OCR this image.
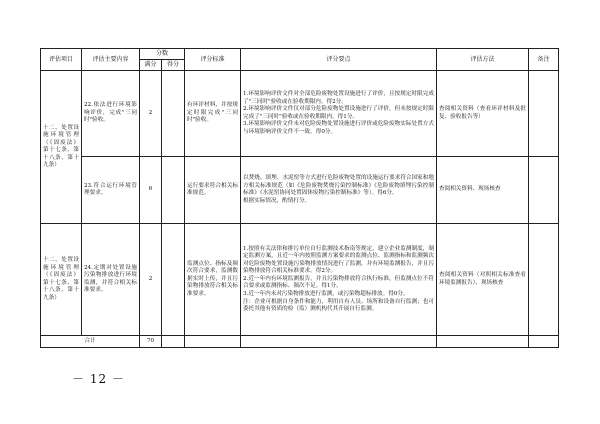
评估项目	评估主要内容	分数		评分标准	评分要点	评估方法	备注
		满分	得分				
十二、处置设施环境管理（《固废法》第十七条、第十八条、第十九条）	22.依法进行环境影响评价，完成"三同时"验收。	2		有环评材料，并按规定时限完成"三同时"验收。	1.环境影响评价文件对全部危险废物处置设施进行了评价，且按规定时限完成了"三同时"验收或在验收期限内。得2分。
2.环境影响评价文件仅对部分危险废物处置设施进行了评价，但未按规定时限完成了"三同时"验收或在验收期限内。得1分。
3.环境影响评价文件未对危险废物处置设施进行评价或危险废物实际处置方式与环境影响评价文件不一致。得0分。	查阅相关资料（查看环评材料及批复、验收报告等）	
	23.符合运行环境管理要求。	6		运行要求符合相关标准规范。	以焚烧、填埋、水泥窑等方式进行危险废物处置的设施运行要求符合国家和地方相关标准规范（如《危险废物焚烧污染控制标准》《危险废物填埋污染控制标准》《水泥窑协同处置固体废物污染控制标准》等）。得6分。
根据实际情况，酌情打分。	查阅相关资料、现场核查	
十二、处置设施环境管理（《固废法》第十七条、第十八条、第十九条）	24.定期对处置设施污染物排放进行环境监测，并符合相关标准要求。	2		监测点位、指标及频次符合要求，监测数据实时上传，并且污染物排放符合相关标准要求。	1.按照有关法律和排污单位自行监测技术指南等规定，建立企业监测制度，制定监测方案，且近一年内按照监测方案要求的监测点位、监测指标和监测频次对危险废物处置设施污染物排放情况进行了监测，并有环境监测报告，并且污染物排放符合相关标准要求。得2分。
2.近一年内有环境监测报告，并且污染物排放符合执行标准，但监测点位不符合要求或监测指标、频次不足。得1分。
3.近一年内未对污染物排放进行监测，或污染物超标排放。得0分。
注：企业可根据自身条件和能力，利用自有人员、场所和设备自行监测；也可委托其他有资质的检（监）测机构代其开展自行监测。	查阅相关资料（对照相关标准查看环境监测报告）、现场核查	
合计		70					
－ 12 －
